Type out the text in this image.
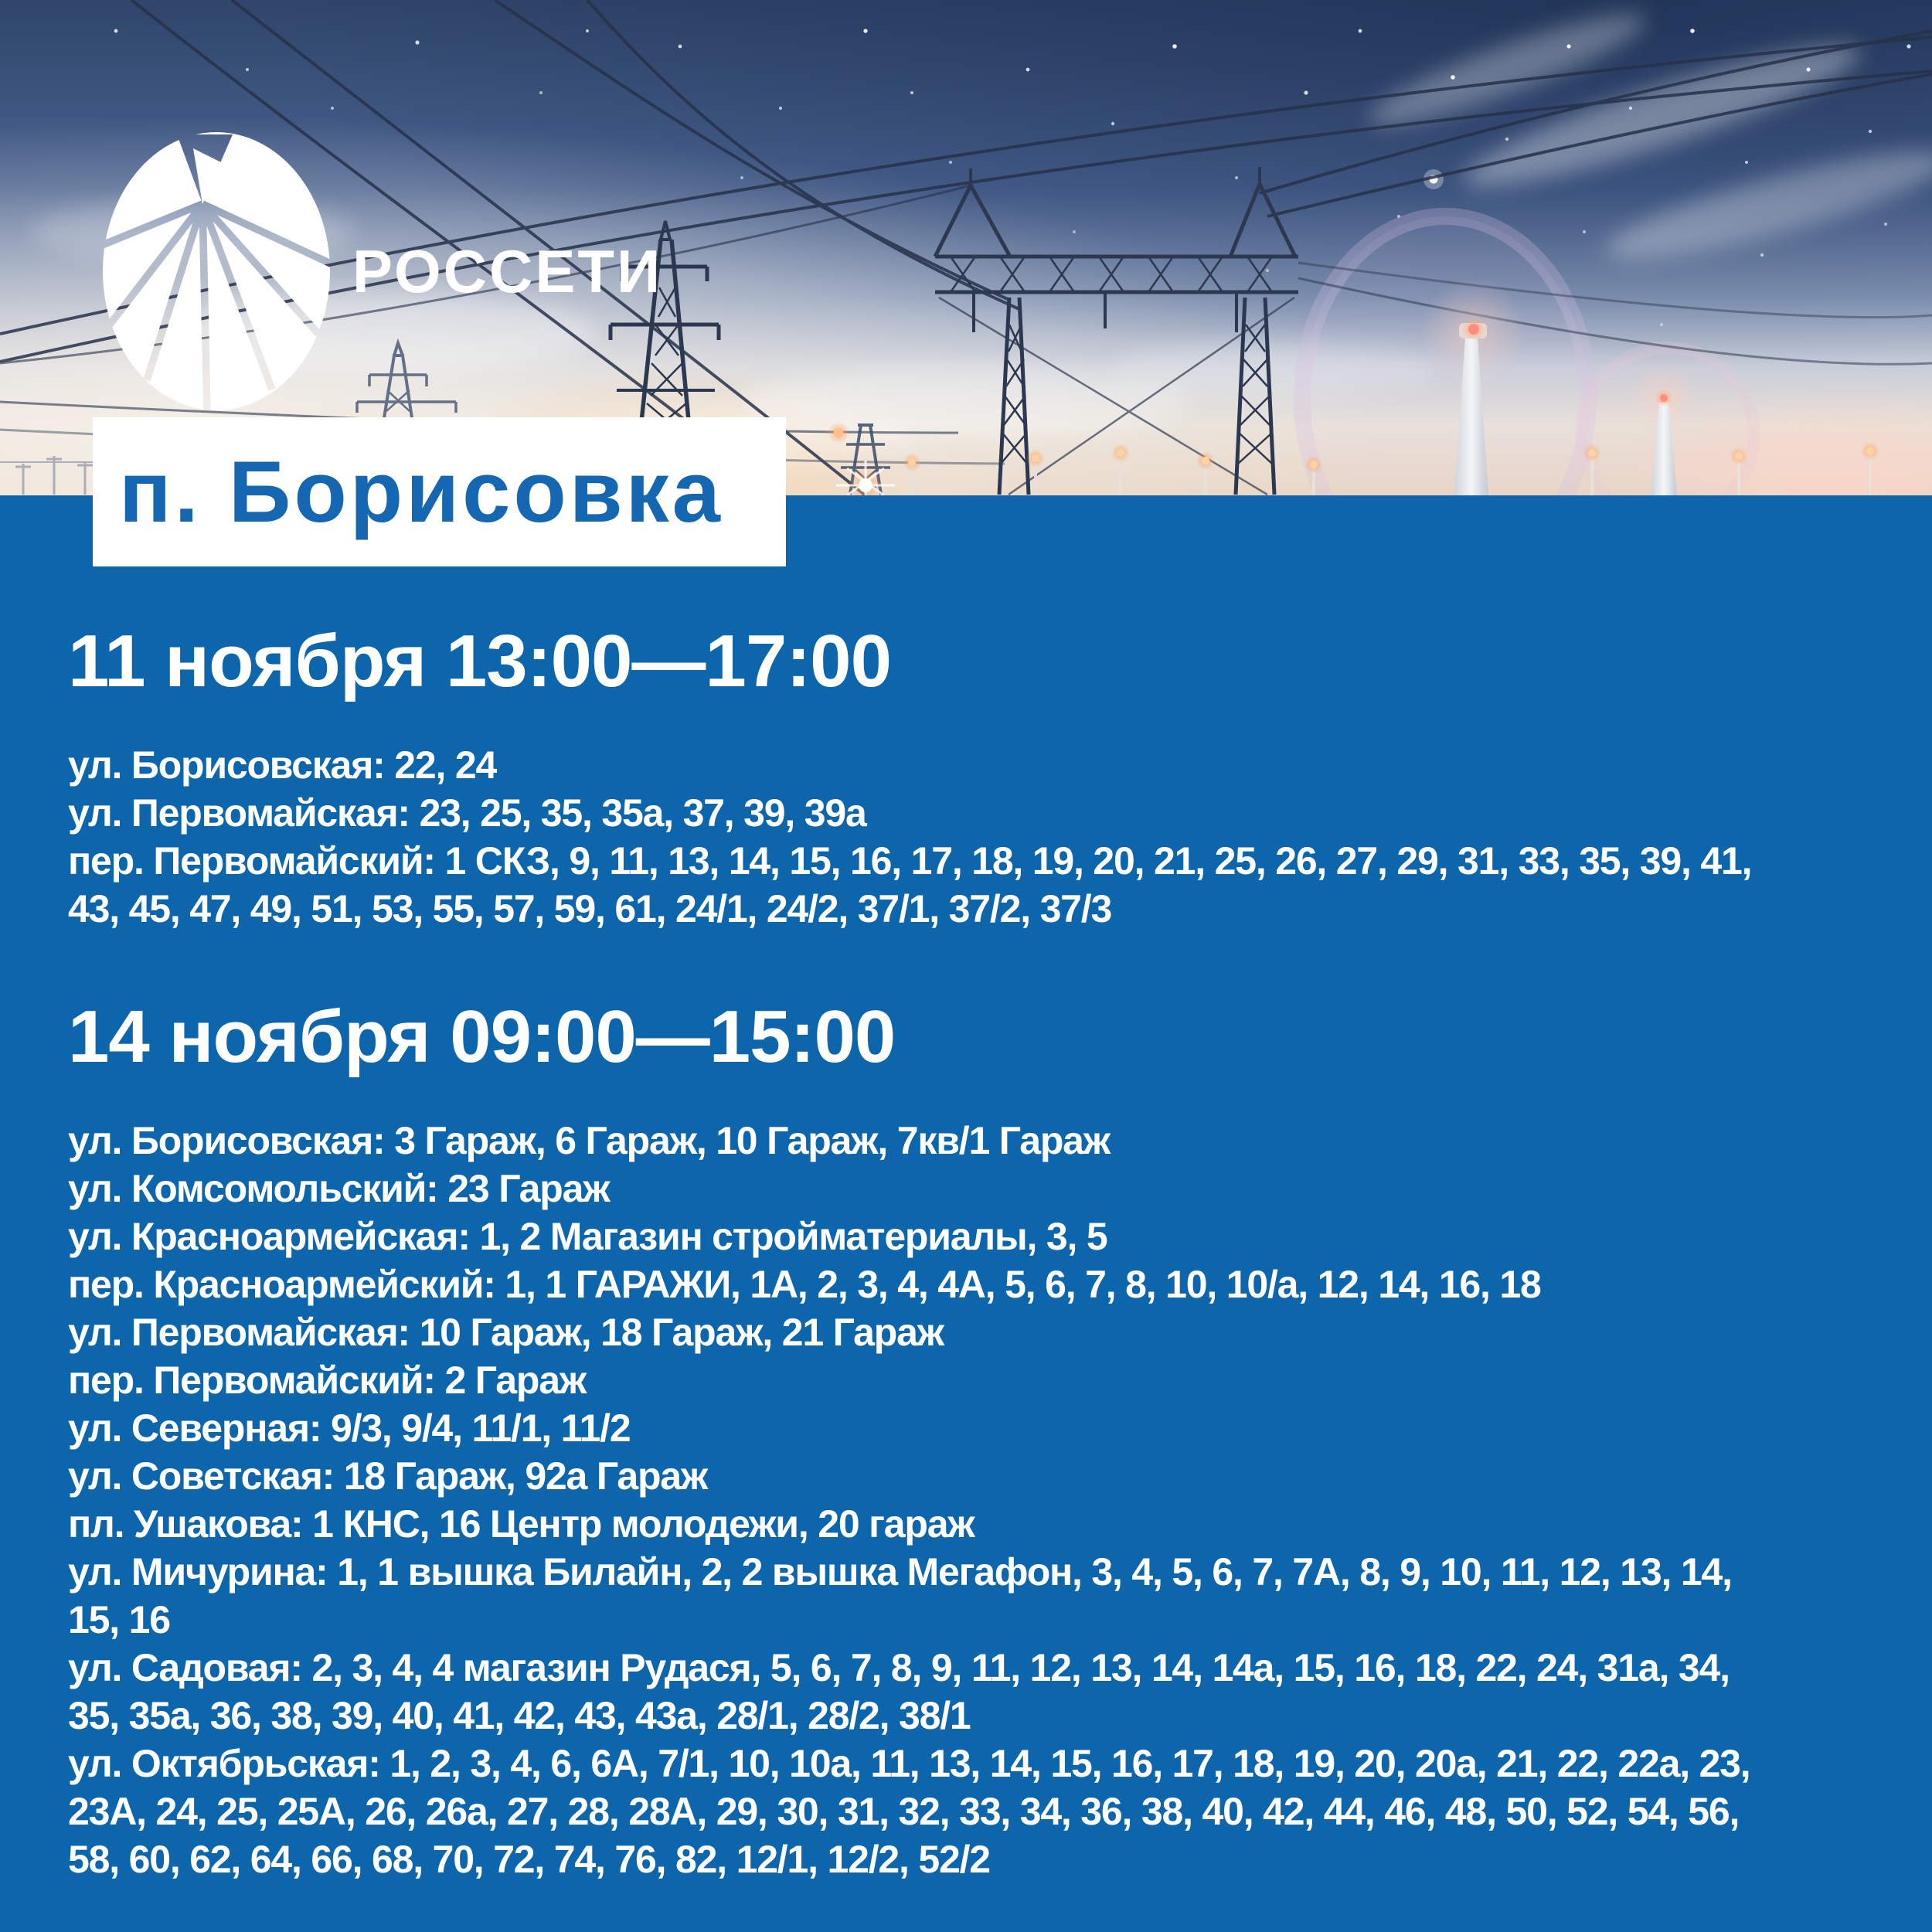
РОССЕТИ
п. Борисовка
11 ноября 13:00—17:00

ул. Борисовская: 22, 24

ул. Первомайская: 23, 25, 35, 35а, 37, 39, 39а

пер. Первомайский: 1 СКЗ, 9, 11, 13, 14, 15, 16, 17, 18, 19, 20, 21, 25, 26, 27, 29, 31, 33, 35, 39, 41, 43, 45, 47, 49, 51, 53, 55, 57, 59, 61, 24/1, 24/2, 37/1, 37/2, 37/3

14 ноября 09:00—15:00

ул. Борисовская: 3 Гараж, 6 Гараж, 10 Гараж, 7кв/1 Гараж

ул. Комсомольский: 23 Гараж

ул. Красноармейская: 1, 2 Магазин стройматериалы, 3, 5

пер. Красноармейский: 1, 1 ГАРАЖИ, 1А, 2, 3, 4, 4А, 5, 6, 7, 8, 10, 10/а, 12, 14, 16, 18

ул. Первомайская: 10 Гараж, 18 Гараж, 21 Гараж

пер. Первомайский: 2 Гараж

ул. Северная: 9/3, 9/4, 11/1, 11/2

ул. Советская: 18 Гараж, 92а Гараж

пл. Ушакова: 1 КНС, 16 Центр молодежи, 20 гараж

ул. Мичурина: 1, 1 вышка Билайн, 2, 2 вышка Мегафон, 3, 4, 5, 6, 7, 7А, 8, 9, 10, 11, 12, 13, 14, 15, 16

ул. Садовая: 2, 3, 4, 4 магазин Рудася, 5, 6, 7, 8, 9, 11, 12, 13, 14, 14а, 15, 16, 18, 22, 24, 31а, 34, 35, 35а, 36, 38, 39, 40, 41, 42, 43, 43а, 28/1, 28/2, 38/1

ул. Октябрьская: 1, 2, 3, 4, 6, 6А, 7/1, 10, 10а, 11, 13, 14, 15, 16, 17, 18, 19, 20, 20а, 21, 22, 22а, 23, 23А, 24, 25, 25А, 26, 26а, 27, 28, 28А, 29, 30, 31, 32, 33, 34, 36, 38, 40, 42, 44, 46, 48, 50, 52, 54, 56, 58, 60, 62, 64, 66, 68, 70, 72, 74, 76, 82, 12/1, 12/2, 52/2
